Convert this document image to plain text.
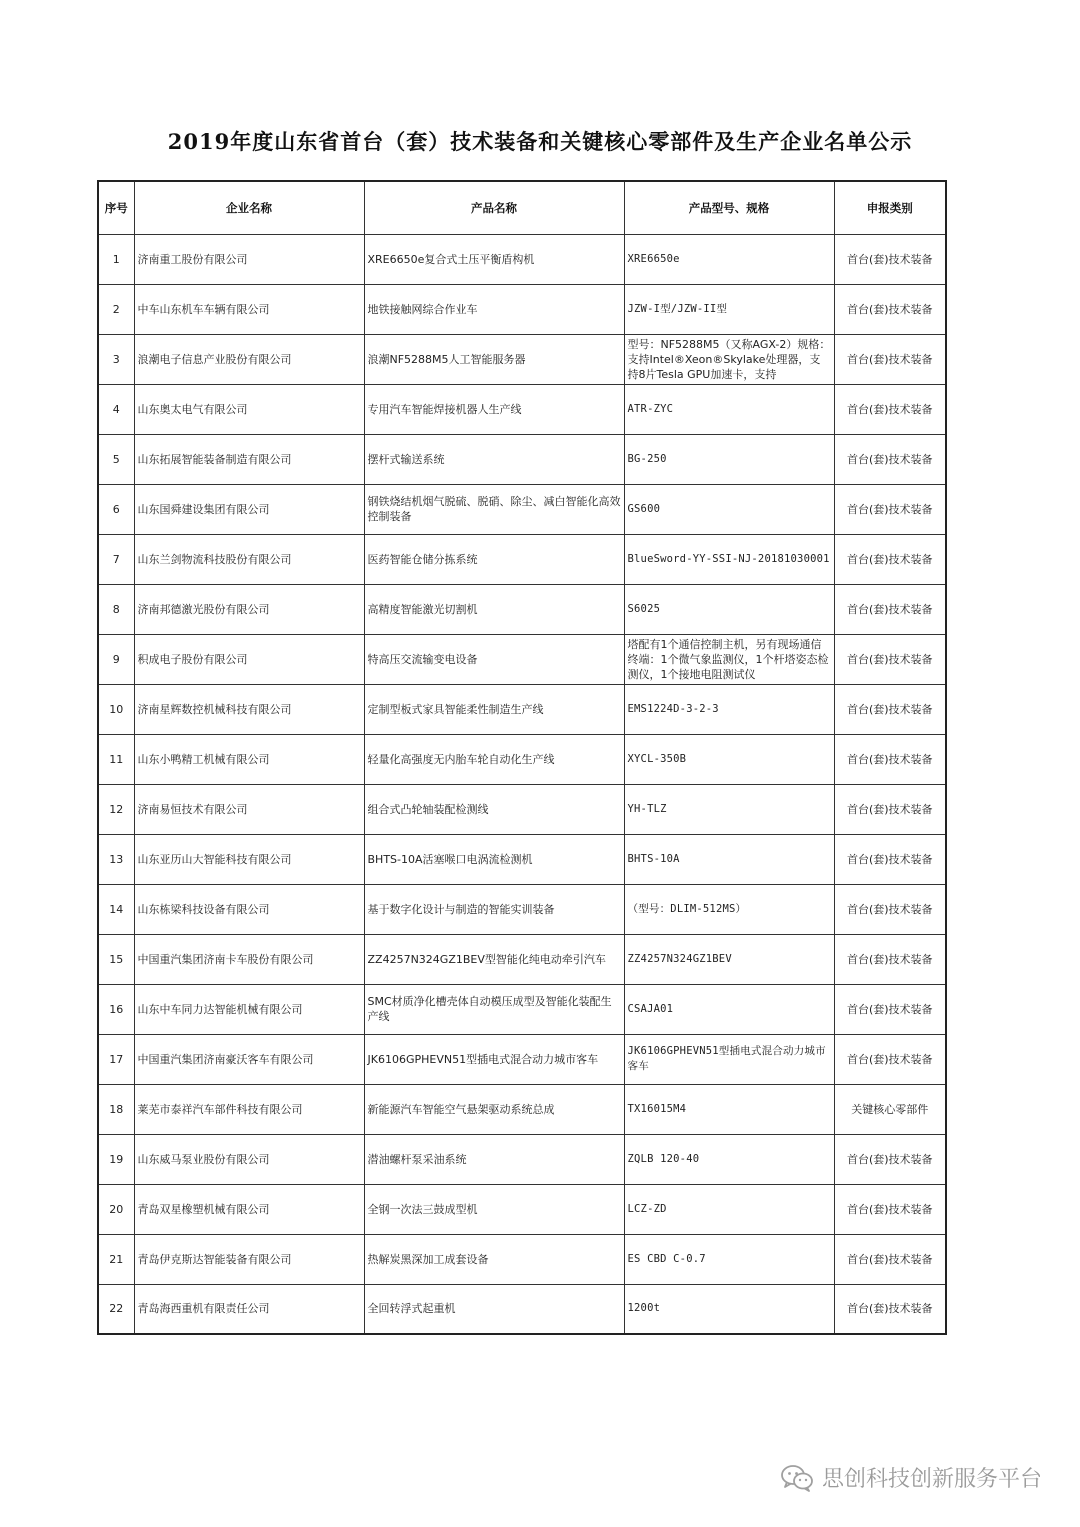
2019年度山东省首台（套）技术装备和关键核心零部件及生产企业名单公示
序号	企业名称	产品名称	产品型号、规格	申报类别
1	济南重工股份有限公司	XRE6650e复合式土压平衡盾构机	XRE6650e	首台(套)技术装备
2	中车山东机车车辆有限公司	地铁接触网综合作业车	JZW-I型/JZW-II型	首台(套)技术装备
3	浪潮电子信息产业股份有限公司	浪潮NF5288M5人工智能服务器	型号：NF5288M5（又称AGX-2）规格：支持Intel®Xeon®Skylake处理器，支持8片Tesla GPU加速卡，支持	首台(套)技术装备
4	山东奥太电气有限公司	专用汽车智能焊接机器人生产线	ATR-ZYC	首台(套)技术装备
5	山东拓展智能装备制造有限公司	摆杆式输送系统	BG-250	首台(套)技术装备
6	山东国舜建设集团有限公司	钢铁烧结机烟气脱硫、脱硝、除尘、减白智能化高效控制装备	GS600	首台(套)技术装备
7	山东兰剑物流科技股份有限公司	医药智能仓储分拣系统	BlueSword-YY-SSI-NJ-20181030001	首台(套)技术装备
8	济南邦德激光股份有限公司	高精度智能激光切割机	S6025	首台(套)技术装备
9	积成电子股份有限公司	特高压交流输变电设备	塔配有1个通信控制主机，另有现场通信终端：1个微气象监测仪，1个杆塔姿态检测仪，1个接地电阻测试仪	首台(套)技术装备
10	济南星辉数控机械科技有限公司	定制型板式家具智能柔性制造生产线	EMS1224D-3-2-3	首台(套)技术装备
11	山东小鸭精工机械有限公司	轻量化高强度无内胎车轮自动化生产线	XYCL-350B	首台(套)技术装备
12	济南易恒技术有限公司	组合式凸轮轴装配检测线	YH-TLZ	首台(套)技术装备
13	山东亚历山大智能科技有限公司	BHTS-10A活塞喉口电涡流检测机	BHTS-10A	首台(套)技术装备
14	山东栋梁科技设备有限公司	基于数字化设计与制造的智能实训装备	（型号：DLIM-512MS）	首台(套)技术装备
15	中国重汽集团济南卡车股份有限公司	ZZ4257N324GZ1BEV型智能化纯电动牵引汽车	ZZ4257N324GZ1BEV	首台(套)技术装备
16	山东中车同力达智能机械有限公司	SMC材质净化槽壳体自动模压成型及智能化装配生产线	CSAJA01	首台(套)技术装备
17	中国重汽集团济南豪沃客车有限公司	JK6106GPHEVN51型插电式混合动力城市客车	JK6106GPHEVN51型插电式混合动力城市客车	首台(套)技术装备
18	莱芜市泰祥汽车部件科技有限公司	新能源汽车智能空气悬架驱动系统总成	TX16015M4	关键核心零部件
19	山东威马泵业股份有限公司	潜油螺杆泵采油系统	ZQLB 120-40	首台(套)技术装备
20	青岛双星橡塑机械有限公司	全钢一次法三鼓成型机	LCZ-ZD	首台(套)技术装备
21	青岛伊克斯达智能装备有限公司	热解炭黑深加工成套设备	ES CBD C-0.7	首台(套)技术装备
22	青岛海西重机有限责任公司	全回转浮式起重机	1200t	首台(套)技术装备
思创科技创新服务平台
